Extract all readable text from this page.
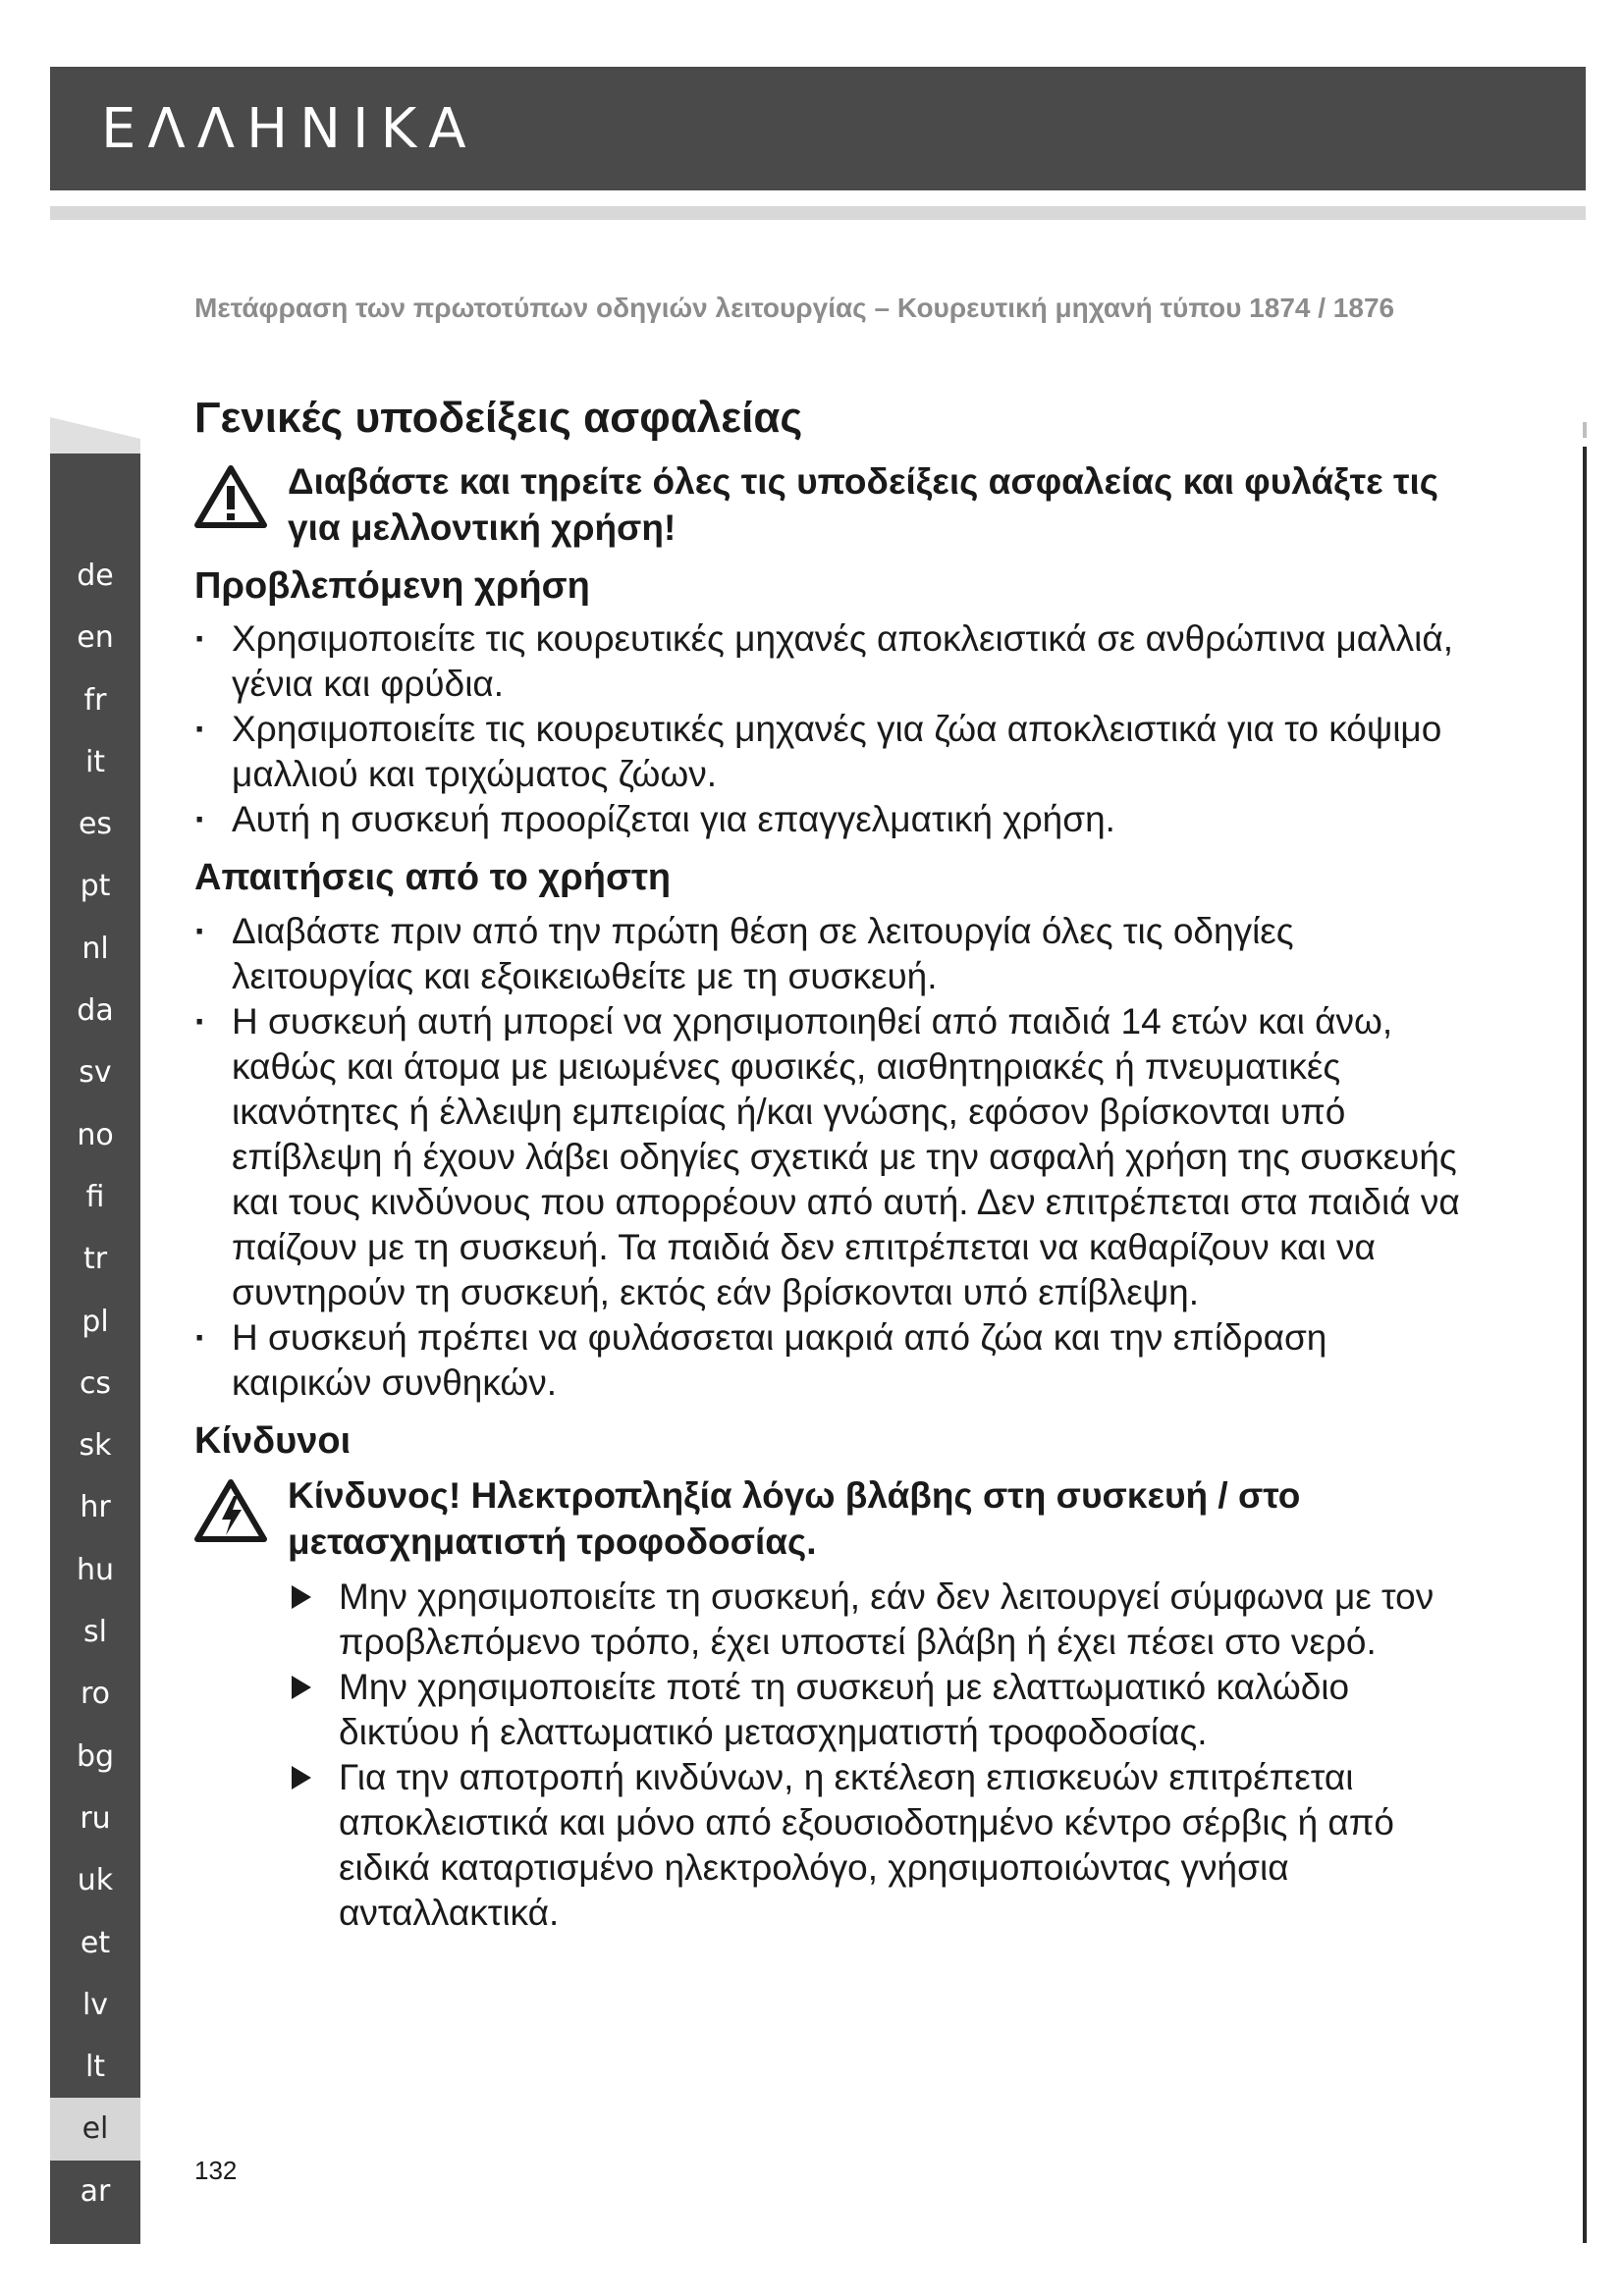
ΕΛΛΗΝΙΚΑ
Μετάφραση των πρωτοτύπων οδηγιών λειτουργίας – Κουρευτική μηχανή τύπου 1874 / 1876
de
en
fr
it
es
pt
nl
da
sv
no
fi
tr
pl
cs
sk
hr
hu
sl
ro
bg
ru
uk
et
lv
lt
el
ar
Γενικές υποδείξεις ασφαλείας
Διαβάστε και τηρείτε όλες τις υποδείξεις ασφαλείας και φυλάξτε τις για μελλοντική χρήση!
Προβλεπόμενη χρήση
· Χρησιμοποιείτε τις κουρευτικές μηχανές αποκλειστικά σε ανθρώπινα μαλλιά, γένια και φρύδια.
· Χρησιμοποιείτε τις κουρευτικές μηχανές για ζώα αποκλειστικά για το κόψιμο μαλλιού και τριχώματος ζώων.
· Αυτή η συσκευή προορίζεται για επαγγελματική χρήση.
Απαιτήσεις από το χρήστη
· Διαβάστε πριν από την πρώτη θέση σε λειτουργία όλες τις οδηγίες λειτουργίας και εξοικειωθείτε με τη συσκευή.
· Η συσκευή αυτή μπορεί να χρησιμοποιηθεί από παιδιά 14 ετών και άνω, καθώς και άτομα με μειωμένες φυσικές, αισθητηριακές ή πνευματικές ικανότητες ή έλλειψη εμπειρίας ή/και γνώσης, εφόσον βρίσκονται υπό επίβλεψη ή έχουν λάβει οδηγίες σχετικά με την ασφαλή χρήση της συσκευής και τους κινδύνους που απορρέουν από αυτή. Δεν επιτρέπεται στα παιδιά να παίζουν με τη συσκευή. Τα παιδιά δεν επιτρέπεται να καθαρίζουν και να συντηρούν τη συσκευή, εκτός εάν βρίσκονται υπό επίβλεψη.
· Η συσκευή πρέπει να φυλάσσεται μακριά από ζώα και την επίδραση καιρικών συνθηκών.
Κίνδυνοι
Κίνδυνος! Ηλεκτροπληξία λόγω βλάβης στη συσκευή / στο μετασχηματιστή τροφοδοσίας.
Μην χρησιμοποιείτε τη συσκευή, εάν δεν λειτουργεί σύμφωνα με τον προβλεπόμενο τρόπο, έχει υποστεί βλάβη ή έχει πέσει στο νερό.
Μην χρησιμοποιείτε ποτέ τη συσκευή με ελαττωματικό καλώδιο δικτύου ή ελαττωματικό μετασχηματιστή τροφοδοσίας.
Για την αποτροπή κινδύνων, η εκτέλεση επισκευών επιτρέπεται αποκλειστικά και μόνο από εξουσιοδοτημένο κέντρο σέρβις ή από ειδικά καταρτισμένο ηλεκτρολόγο, χρησιμοποιώντας γνήσια ανταλλακτικά.
132
